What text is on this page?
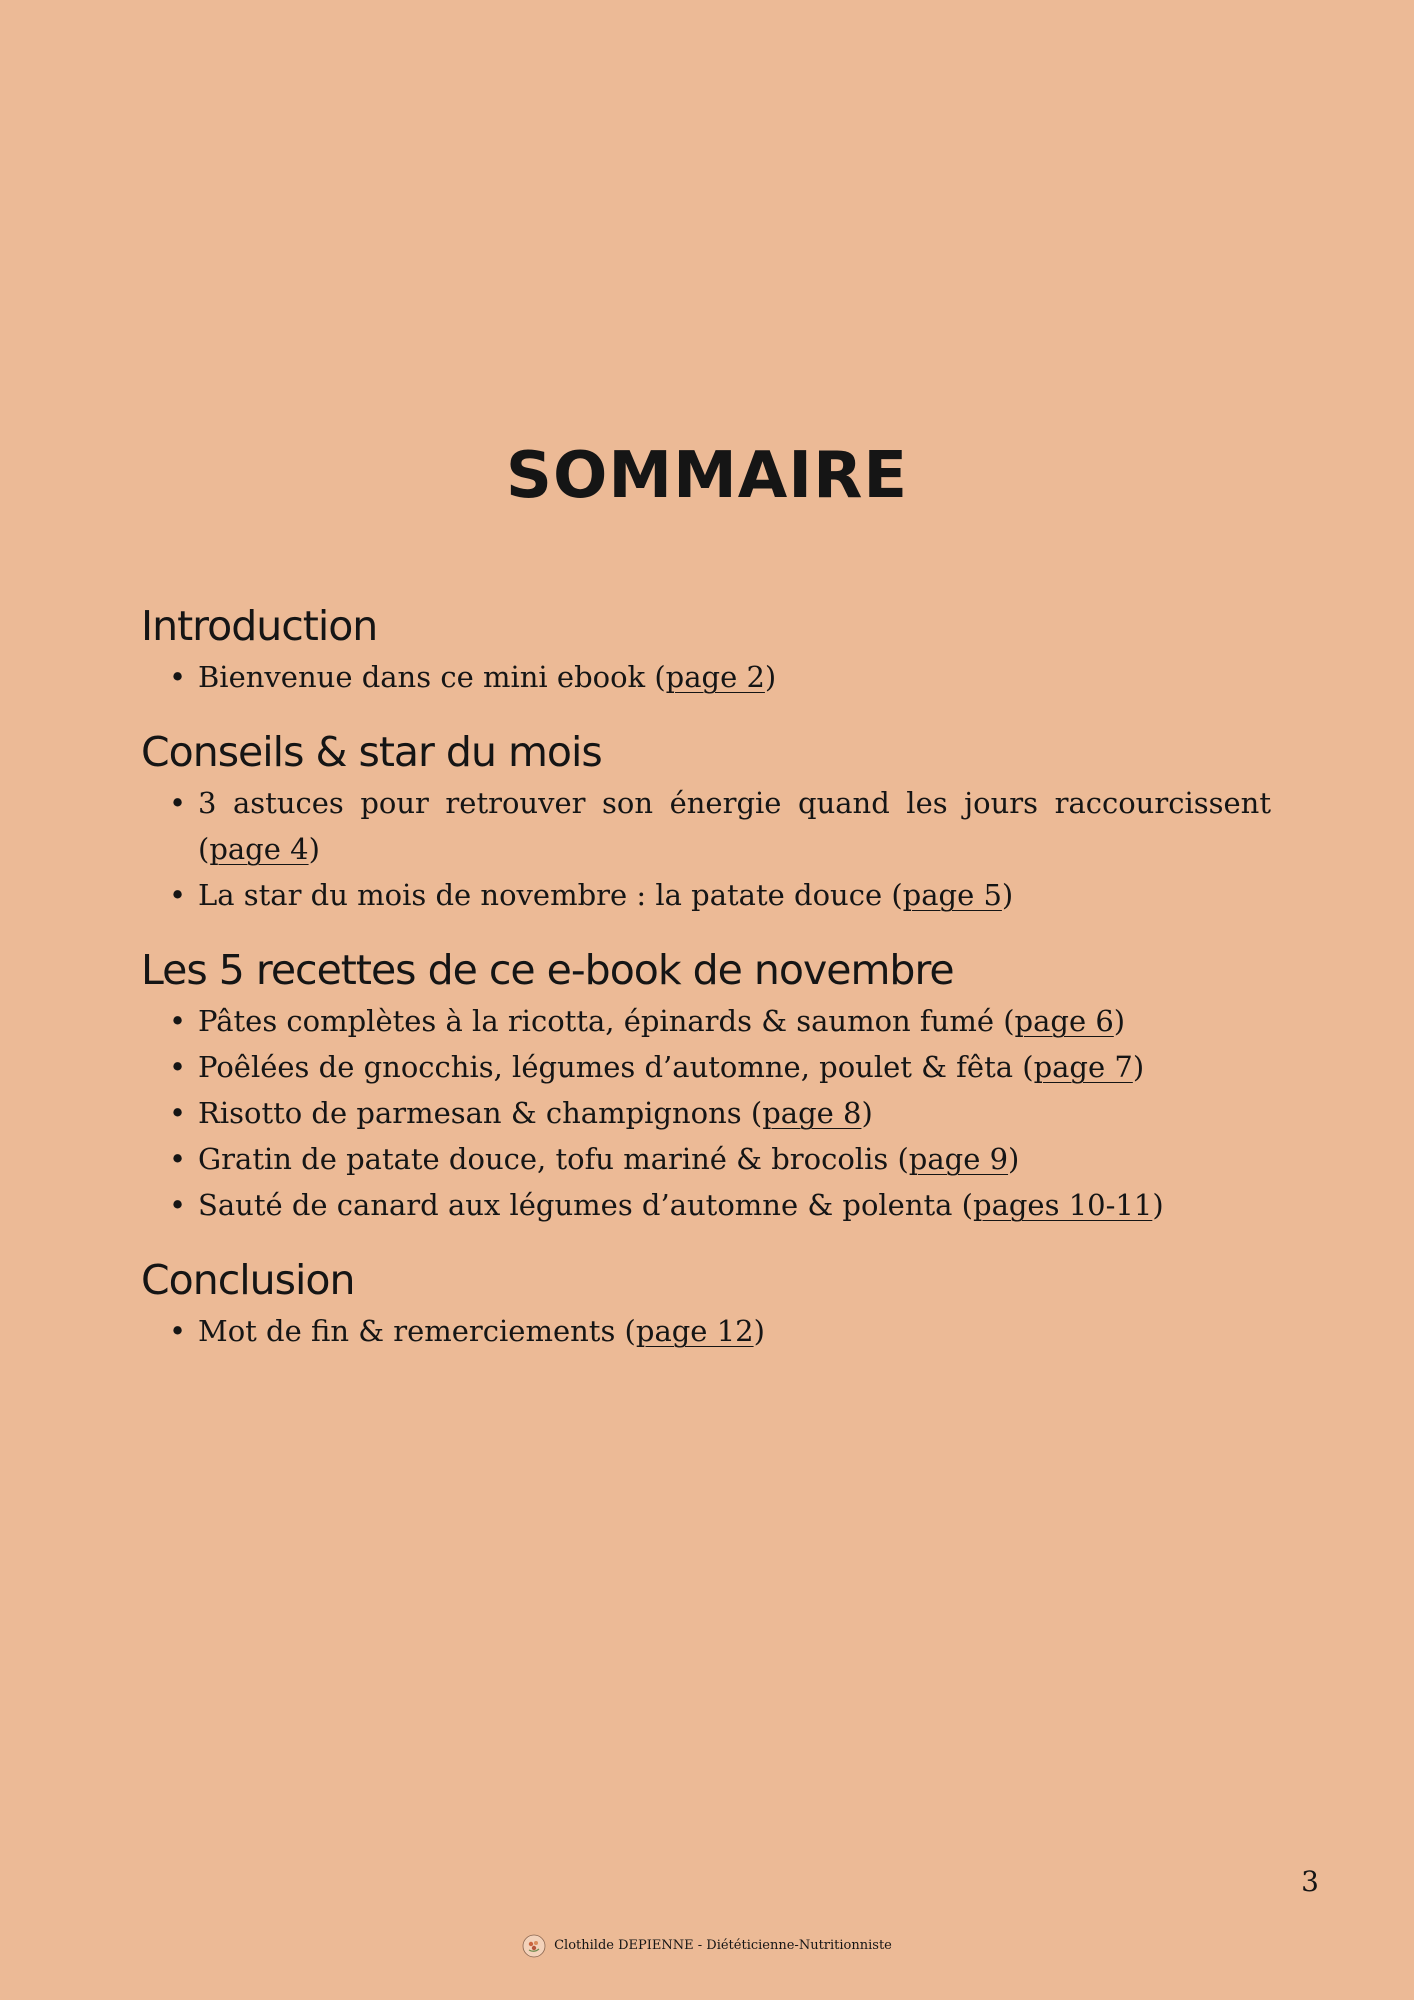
SOMMAIRE
Introduction
• Bienvenue dans ce mini ebook (page 2)
Conseils & star du mois
• 3 astuces pour retrouver son énergie quand les jours raccourcissent (page 4)
• La star du mois de novembre : la patate douce (page 5)
Les 5 recettes de ce e-book de novembre
• Pâtes complètes à la ricotta, épinards & saumon fumé (page 6)
• Poêlées de gnocchis, légumes d’automne, poulet & fêta (page 7)
• Risotto de parmesan & champignons (page 8)
• Gratin de patate douce, tofu mariné & brocolis (page 9)
• Sauté de canard aux légumes d’automne & polenta (pages 10-11)
Conclusion
• Mot de fin & remerciements (page 12)
3
Clothilde DEPIENNE - Diététicienne-Nutritionniste
